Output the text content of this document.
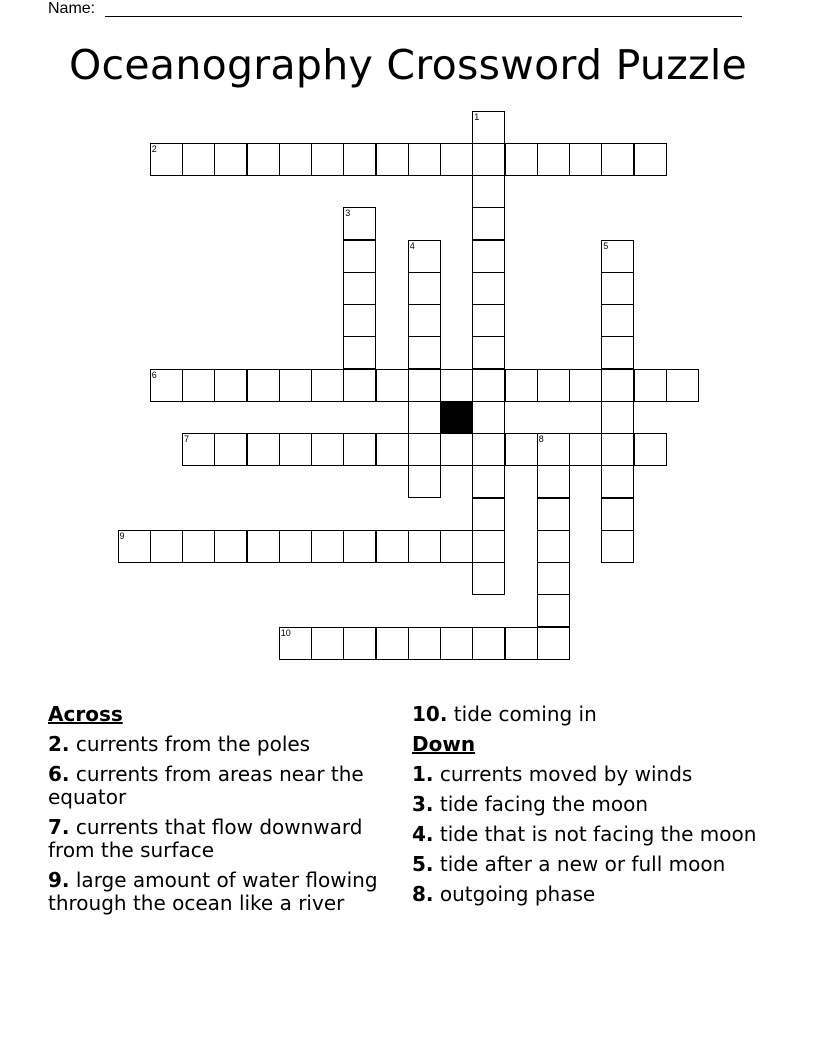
Name:
Oceanography Crossword Puzzle
2
6
7	8
9
10
1
3
4	5
Across
2. currents from the poles
6. currents from areas near the equator
7. currents that flow downward from the surface
9. large amount of water flowing through the ocean like a river
10. tide coming in
Down
1. currents moved by winds
3. tide facing the moon
4. tide that is not facing the moon
5. tide after a new or full moon
8. outgoing phase
